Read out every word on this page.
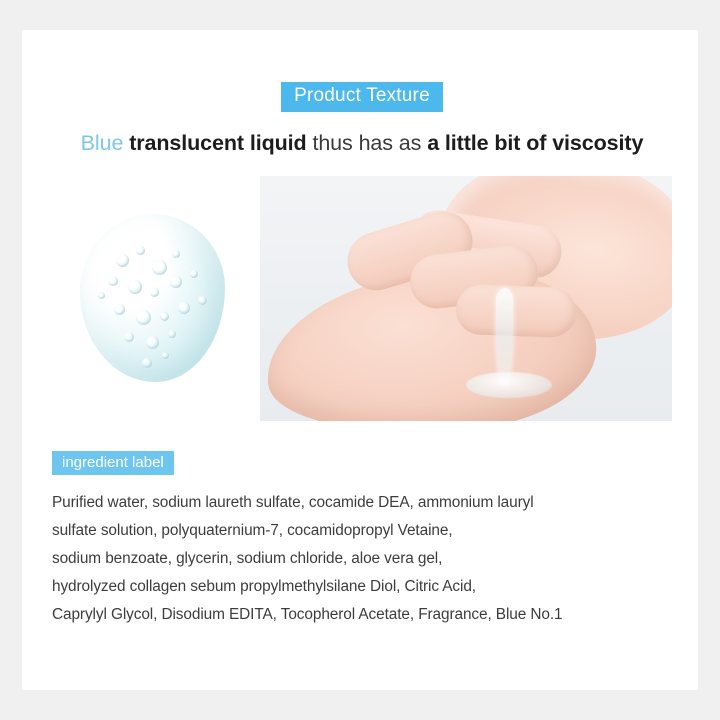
Product Texture
Blue translucent liquid thus has as a little bit of viscosity
ingredient label
Purified water, sodium laureth sulfate, cocamide DEA, ammonium lauryl
sulfate solution, polyquaternium-7, cocamidopropyl Vetaine,
sodium benzoate, glycerin, sodium chloride, aloe vera gel,
hydrolyzed collagen sebum propylmethylsilane Diol, Citric Acid,
Caprylyl Glycol, Disodium EDITA, Tocopherol Acetate, Fragrance, Blue No.1
